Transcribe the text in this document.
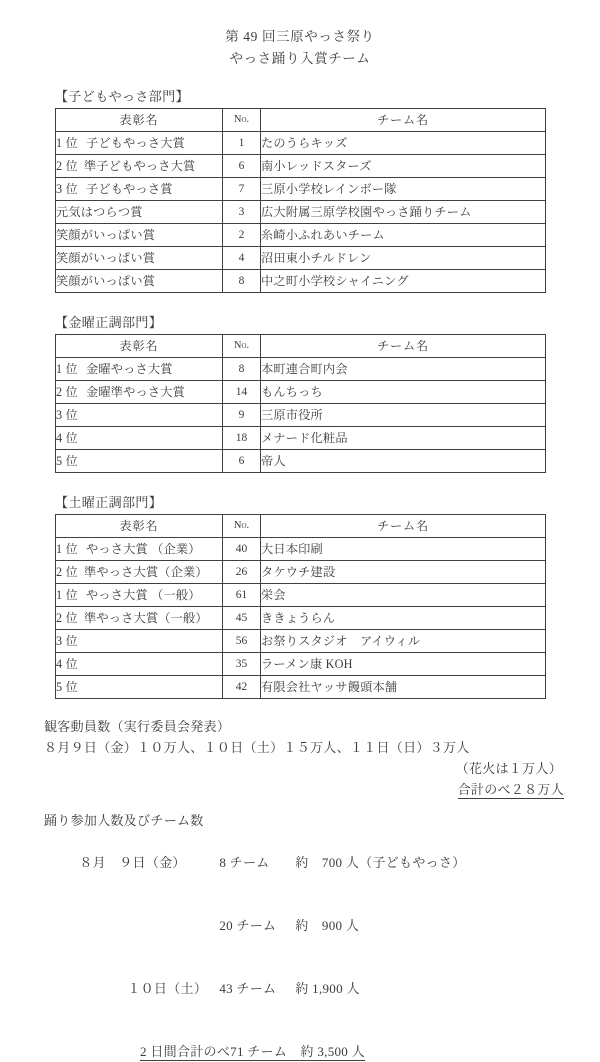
第 49 回三原やっさ祭り
やっさ踊り入賞チーム
【子どもやっさ部門】
表彰名	No.	チーム名
1 位 子どもやっさ大賞	1	たのうらキッズ
2 位 準子どもやっさ大賞	6	南小レッドスターズ
3 位 子どもやっさ賞	7	三原小学校レインボー隊
元気はつらつ賞	3	広大附属三原学校園やっさ踊りチーム
笑顔がいっぱい賞	2	糸崎小ふれあいチーム
笑顔がいっぱい賞	4	沼田東小チルドレン
笑顔がいっぱい賞	8	中之町小学校シャイニング
【金曜正調部門】
表彰名	No.	チーム名
1 位 金曜やっさ大賞	8	本町連合町内会
2 位 金曜準やっさ大賞	14	もんちっち
3 位	9	三原市役所
4 位	18	メナード化粧品
5 位	6	帝人
【土曜正調部門】
表彰名	No.	チーム名
1 位 やっさ大賞 （企業）	40	大日本印刷
2 位 準やっさ大賞（企業）	26	タケウチ建設
1 位 やっさ大賞 （一般）	61	栄会
2 位 準やっさ大賞（一般）	45	ききょうらん
3 位	56	お祭りスタジオ　アイウィル
4 位	35	ラーメン康 KOH
5 位	42	有限会社ヤッサ饅頭本舗
観客動員数（実行委員会発表）
８月９日（金）１０万人、１０日（土）１５万人、１１日（日）３万人
（花火は１万人）
合計のべ２８万人
踊り参加人数及びチーム数

８月　９日（金）	8 チーム 約　700 人（子どもやっさ）

20 チーム 約　900 人

１０日（土） 43 チーム 約 1,900 人

2 日間合計のべ71 チーム　約 3,500 人
